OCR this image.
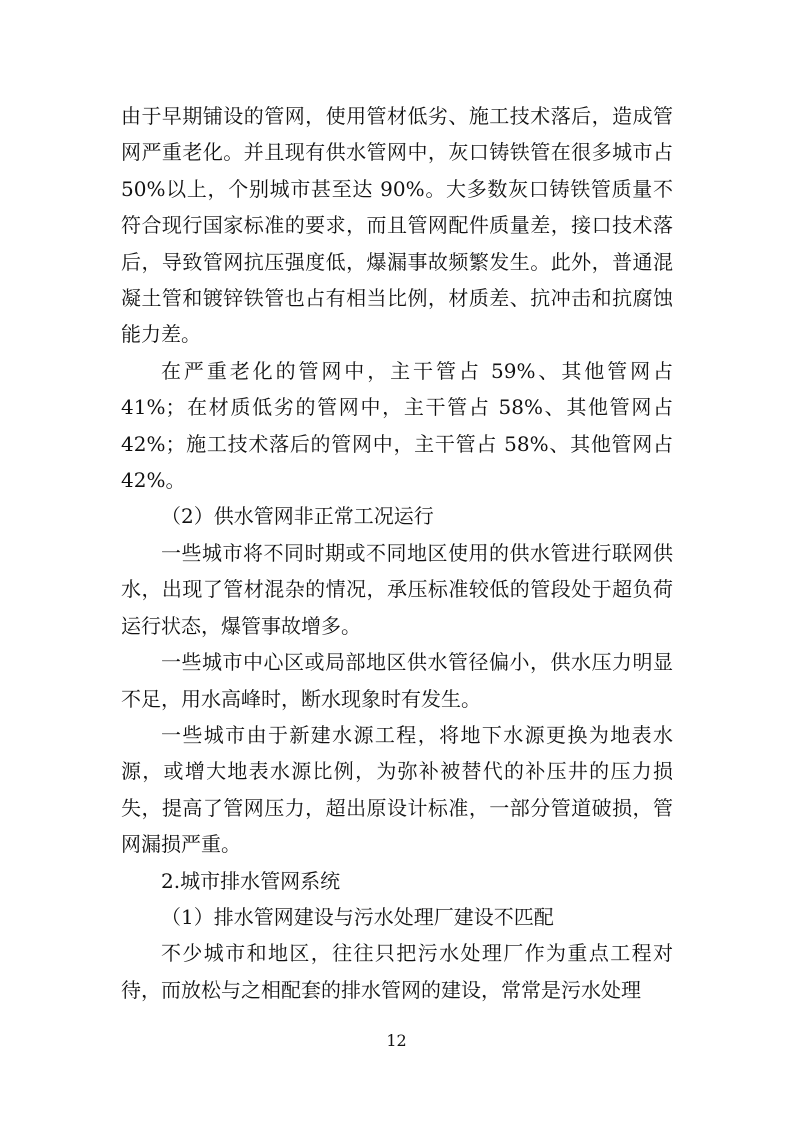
由于早期铺设的管网，使用管材低劣、施工技术落后，造成管网严重老化。并且现有供水管网中，灰口铸铁管在很多城市占 50%以上，个别城市甚至达 90%。大多数灰口铸铁管质量不符合现行国家标准的要求，而且管网配件质量差，接口技术落后，导致管网抗压强度低，爆漏事故频繁发生。此外，普通混凝土管和镀锌铁管也占有相当比例，材质差、抗冲击和抗腐蚀能力差。

在严重老化的管网中，主干管占 59%、其他管网占 41%；在材质低劣的管网中，主干管占 58%、其他管网占 42%；施工技术落后的管网中，主干管占 58%、其他管网占 42%。

（2）供水管网非正常工况运行

一些城市将不同时期或不同地区使用的供水管进行联网供水，出现了管材混杂的情况，承压标准较低的管段处于超负荷运行状态，爆管事故增多。

一些城市中心区或局部地区供水管径偏小，供水压力明显不足，用水高峰时，断水现象时有发生。

一些城市由于新建水源工程，将地下水源更换为地表水源，或增大地表水源比例，为弥补被替代的补压井的压力损失，提高了管网压力，超出原设计标准，一部分管道破损，管网漏损严重。

2.城市排水管网系统

（1）排水管网建设与污水处理厂建设不匹配

不少城市和地区，往往只把污水处理厂作为重点工程对待，而放松与之相配套的排水管网的建设，常常是污水处理

12
